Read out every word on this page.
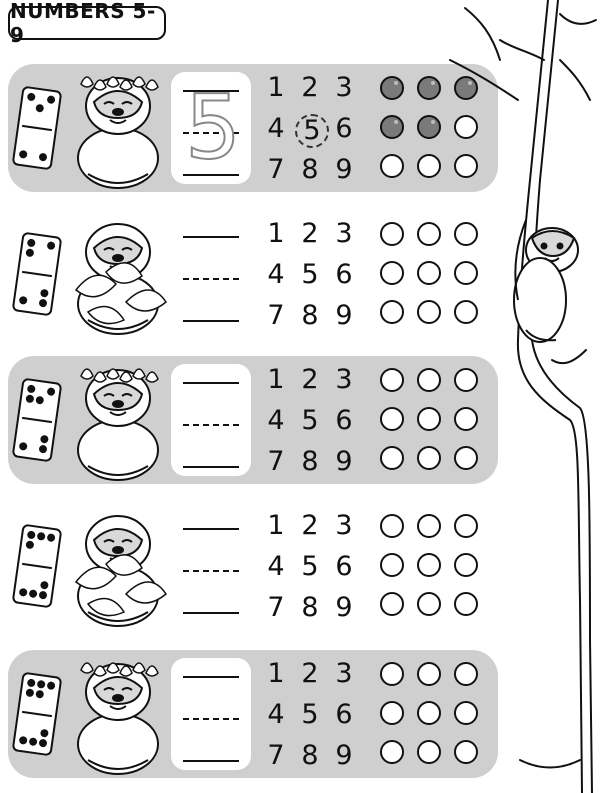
NUMBERS 5-9
5 1 2 3
4 5 6
7 8 9
1 2 3
4 5 6
7 8 9
1 2 3
4 5 6
7 8 9
1 2 3
4 5 6
7 8 9
1 2 3
4 5 6
7 8 9
